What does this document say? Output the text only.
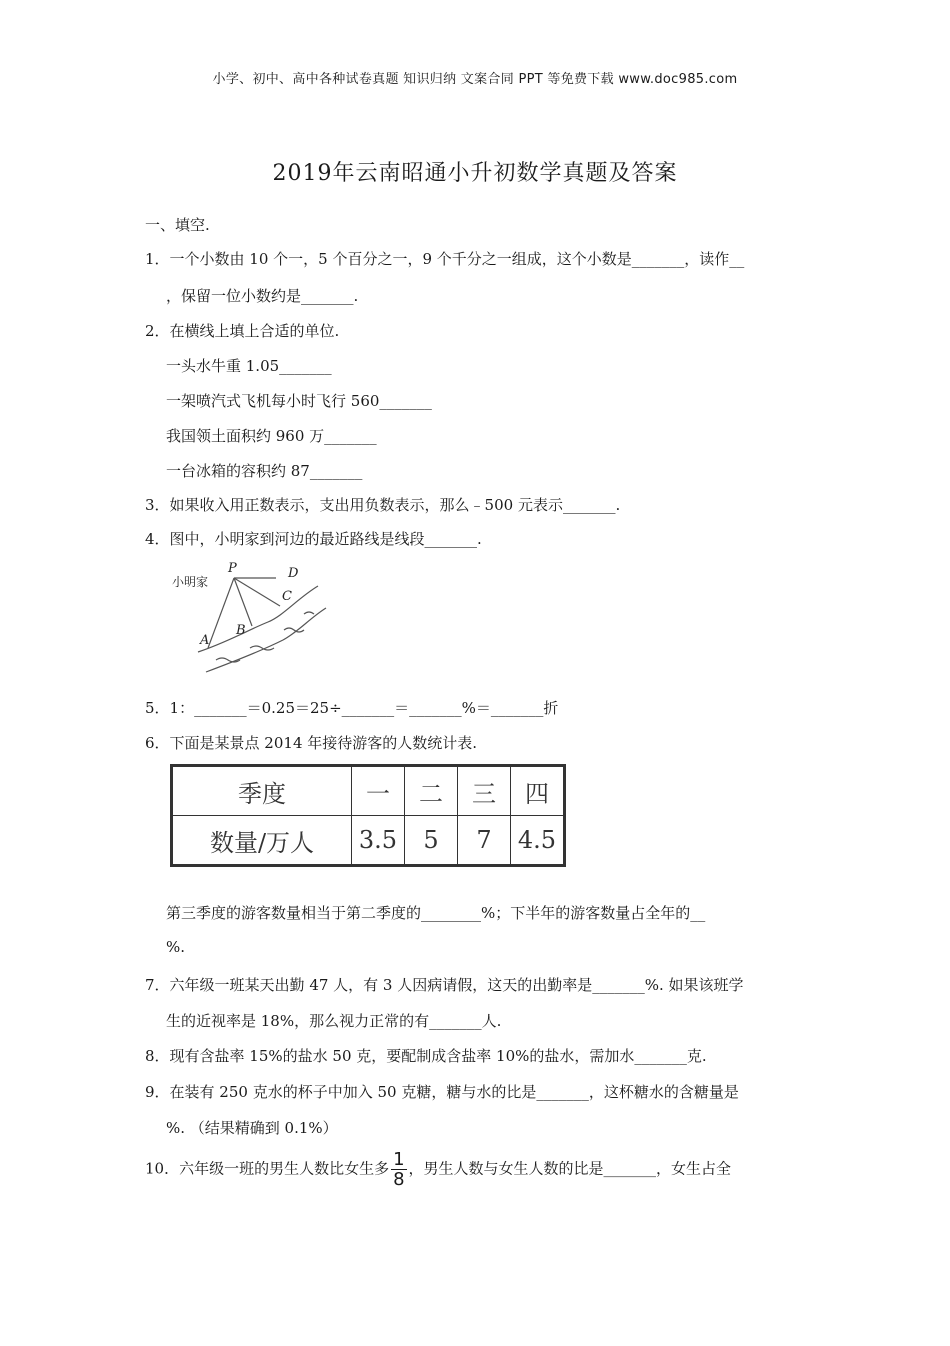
小学、初中、高中各种试卷真题 知识归纳 文案合同 PPT 等免费下载 www.doc985.com
2019年云南昭通小升初数学真题及答案
一、填空.
1．一个小数由 10 个一，5 个百分之一，9 个千分之一组成，这个小数是_______，读作__
，保留一位小数约是_______.
2．在横线上填上合适的单位.
一头水牛重 1.05_______
一架喷汽式飞机每小时飞行 560_______
我国领土面积约 960 万_______
一台冰箱的容积约 87_______
3．如果收入用正数表示，支出用负数表示，那么﹣500 元表示_______.
4．图中，小明家到河边的最近路线是线段_______.
P	D
C
B
A
小明家
5．1：_______＝0.25＝25÷_______＝_______%＝_______折
6．下面是某景点 2014 年接待游客的人数统计表.
季度	一	二	三	四
数量/万人	3.5	5	7	4.5
第三季度的游客数量相当于第二季度的________%；下半年的游客数量占全年的__
%.
7．六年级一班某天出勤 47 人，有 3 人因病请假，这天的出勤率是_______%. 如果该班学
生的近视率是 18%，那么视力正常的有_______人.
8．现有含盐率 15%的盐水 50 克，要配制成含盐率 10%的盐水，需加水_______克.
9．在装有 250 克水的杯子中加入 50 克糖，糖与水的比是_______，这杯糖水的含糖量是
%. （结果精确到 0.1%）
10．六年级一班的男生人数比女生多 $\frac{1}{8}$ ，男生人数与女生人数的比是_______，女生占全
